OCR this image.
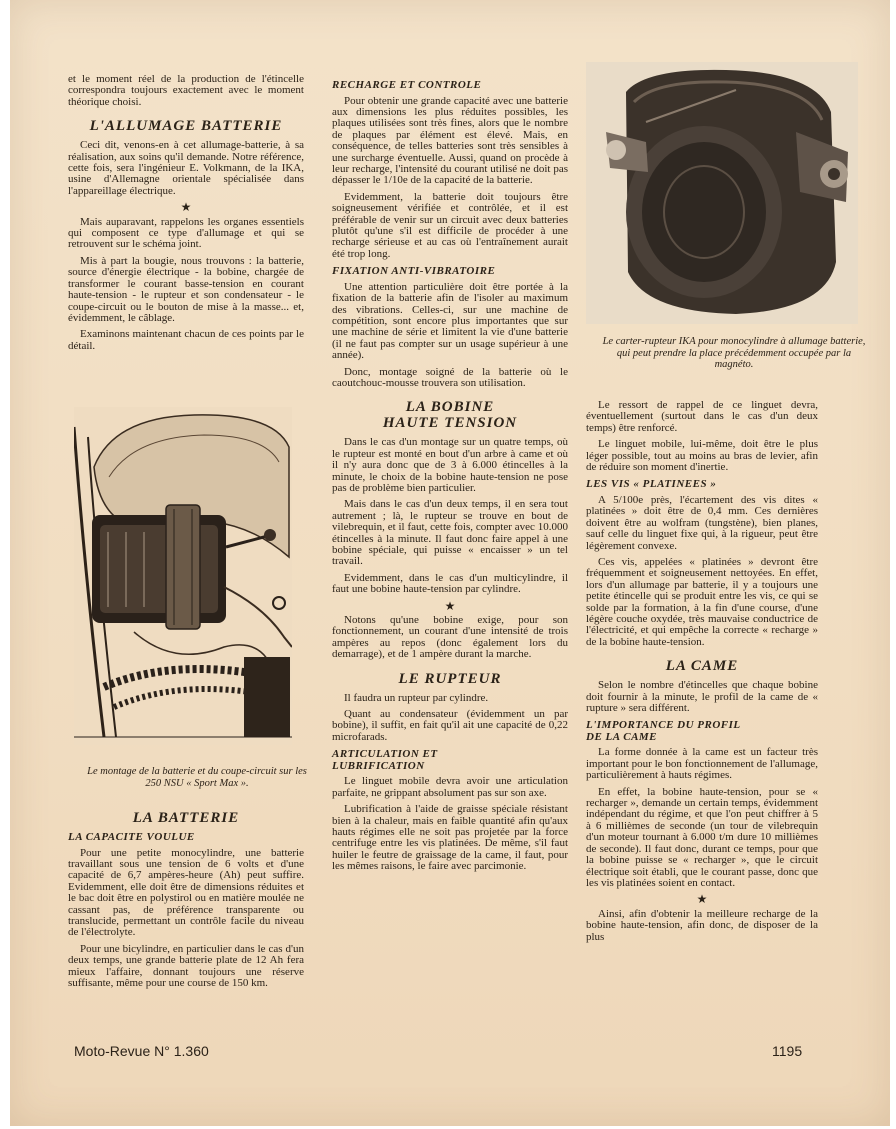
et le moment réel de la production de l'étincelle correspondra toujours exactement avec le moment théorique choisi.

L'ALLUMAGE BATTERIE

Ceci dit, venons-en à cet allumage-batterie, à sa réalisation, aux soins qu'il demande. Notre référence, cette fois, sera l'ingénieur E. Volkmann, de la IKA, usine d'Allemagne orientale spécialisée dans l'appareillage électrique.

★

Mais auparavant, rappelons les organes essentiels qui composent ce type d'allumage et qui se retrouvent sur le schéma joint.

Mis à part la bougie, nous trouvons : la batterie, source d'énergie électrique - la bobine, chargée de transformer le courant basse-tension en courant haute-tension - le rupteur et son condensateur - le coupe-circuit ou le bouton de mise à la masse... et, évidemment, le câblage.

Examinons maintenant chacun de ces points par le détail.

Le montage de la batterie et du coupe-circuit sur les 250 NSU « Sport Max ».
LA BATTERIE
LA CAPACITE VOULUE

Pour une petite monocylindre, une batterie travaillant sous une tension de 6 volts et d'une capacité de 6,7 ampères-heure (Ah) peut suffire. Evidemment, elle doit être de dimensions réduites et le bac doit être en polystirol ou en matière moulée ne cassant pas, de préférence transparente ou translucide, permettant un contrôle facile du niveau de l'électrolyte.

Pour une bicylindre, en particulier dans le cas d'un deux temps, une grande batterie plate de 12 Ah fera mieux l'affaire, donnant toujours une réserve suffisante, même pour une course de 150 km.

RECHARGE ET CONTROLE

Pour obtenir une grande capacité avec une batterie aux dimensions les plus réduites possibles, les plaques utilisées sont très fines, alors que le nombre de plaques par élément est élevé. Mais, en conséquence, de telles batteries sont très sensibles à une surcharge éventuelle. Aussi, quand on procède à leur recharge, l'intensité du courant utilisé ne doit pas dépasser le 1/10e de la capacité de la batterie.

Evidemment, la batterie doit toujours être soigneusement vérifiée et contrôlée, et il est préférable de venir sur un circuit avec deux batteries plutôt qu'une s'il est difficile de procéder à une recharge sérieuse et au cas où l'entraînement aurait été trop long.

FIXATION ANTI-VIBRATOIRE

Une attention particulière doit être portée à la fixation de la batterie afin de l'isoler au maximum des vibrations. Celles-ci, sur une machine de compétition, sont encore plus importantes que sur une machine de série et limitent la vie d'une batterie (il ne faut pas compter sur un usage supérieur à une année).

Donc, montage soigné de la batterie où le caoutchouc-mousse trouvera son utilisation.

LA BOBINE
HAUTE TENSION

Dans le cas d'un montage sur un quatre temps, où le rupteur est monté en bout d'un arbre à came et où il n'y aura donc que de 3 à 6.000 étincelles à la minute, le choix de la bobine haute-tension ne pose pas de problème bien particulier.

Mais dans le cas d'un deux temps, il en sera tout autrement ; là, le rupteur se trouve en bout de vilebrequin, et il faut, cette fois, compter avec 10.000 étincelles à la minute. Il faut donc faire appel à une bobine spéciale, qui puisse « encaisser » un tel travail.

Evidemment, dans le cas d'un multicylindre, il faut une bobine haute-tension par cylindre.

★

Notons qu'une bobine exige, pour son fonctionnement, un courant d'une intensité de trois ampères au repos (donc également lors du demarrage), et de 1 ampère durant la marche.

LE RUPTEUR

Il faudra un rupteur par cylindre.

Quant au condensateur (évidemment un par bobine), il suffit, en fait qu'il ait une capacité de 0,22 microfarads.

ARTICULATION ET
LUBRIFICATION

Le linguet mobile devra avoir une articulation parfaite, ne grippant absolument pas sur son axe.

Lubrification à l'aide de graisse spéciale résistant bien à la chaleur, mais en faible quantité afin qu'aux hauts régimes elle ne soit pas projetée par la force centrifuge entre les vis platinées. De même, s'il faut huiler le feutre de graissage de la came, il faut, pour les mêmes raisons, le faire avec parcimonie.

Le carter-rupteur IKA pour monocylindre à allumage batterie, qui peut prendre la place précédemment occupée par la magnéto.

Le ressort de rappel de ce linguet devra, éventuellement (surtout dans le cas d'un deux temps) être renforcé.

Le linguet mobile, lui-même, doit être le plus léger possible, tout au moins au bras de levier, afin de réduire son moment d'inertie.

LES VIS « PLATINEES »

A 5/100e près, l'écartement des vis dites « platinées » doit être de 0,4 mm. Ces dernières doivent être au wolfram (tungstène), bien planes, sauf celle du linguet fixe qui, à la rigueur, peut être légèrement convexe.

Ces vis, appelées « platinées » devront être fréquemment et soigneusement nettoyées. En effet, lors d'un allumage par batterie, il y a toujours une petite étincelle qui se produit entre les vis, ce qui se solde par la formation, à la fin d'une course, d'une légère couche oxydée, très mauvaise conductrice de l'électricité, et qui empêche la correcte « recharge » de la bobine haute-tension.

LA CAME

Selon le nombre d'étincelles que chaque bobine doit fournir à la minute, le profil de la came de « rupture » sera différent.

L'IMPORTANCE DU PROFIL
DE LA CAME

La forme donnée à la came est un facteur très important pour le bon fonctionnement de l'allumage, particulièrement à hauts régimes.

En effet, la bobine haute-tension, pour se « recharger », demande un certain temps, évidemment indépendant du régime, et que l'on peut chiffrer à 5 à 6 millièmes de seconde (un tour de vilebrequin d'un moteur tournant à 6.000 t/m dure 10 millièmes de seconde). Il faut donc, durant ce temps, pour que la bobine puisse se « recharger », que le circuit électrique soit établi, que le courant passe, donc que les vis platinées soient en contact.

★

Ainsi, afin d'obtenir la meilleure recharge de la bobine haute-tension, afin donc, de disposer de la plus

Moto-Revue N° 1.360	1195
